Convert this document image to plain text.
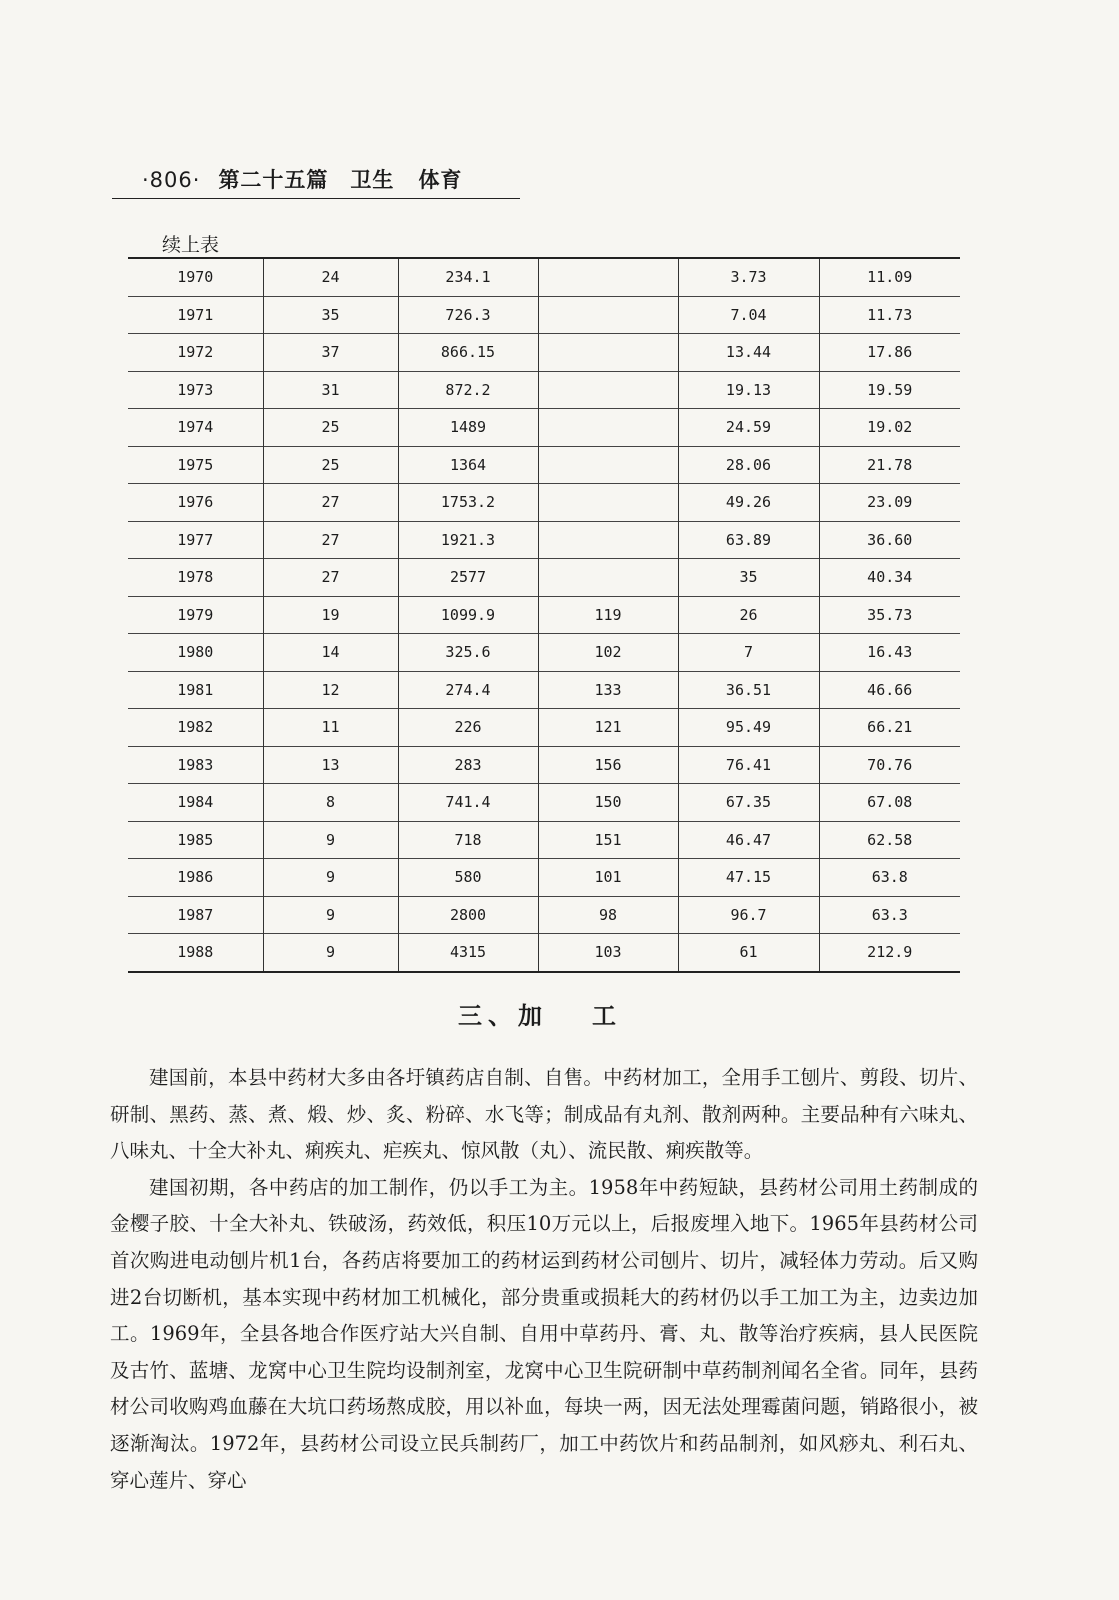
·806· 第二十五篇　卫生 体育
续上表
1970	24	234.1		3.73	11.09
1971	35	726.3		7.04	11.73
1972	37	866.15		13.44	17.86
1973	31	872.2		19.13	19.59
1974	25	1489		24.59	19.02
1975	25	1364		28.06	21.78
1976	27	1753.2		49.26	23.09
1977	27	1921.3		63.89	36.60
1978	27	2577		35	40.34
1979	19	1099.9	119	26	35.73
1980	14	325.6	102	7	16.43
1981	12	274.4	133	36.51	46.66
1982	11	226	121	95.49	66.21
1983	13	283	156	76.41	70.76
1984	8	741.4	150	67.35	67.08
1985	9	718	151	46.47	62.58
1986	9	580	101	47.15	63.8
1987	9	2800	98	96.7	63.3
1988	9	4315	103	61	212.9
三、加 工

建国前，本县中药材大多由各圩镇药店自制、自售。中药材加工，全用手工刨片、剪段、切片、研制、黑药、蒸、煮、煅、炒、炙、粉碎、水飞等；制成品有丸剂、散剂两种。主要品种有六味丸、八味丸、十全大补丸、痢疾丸、疟疾丸、惊风散（丸）、流民散、痢疾散等。

建国初期，各中药店的加工制作，仍以手工为主。1958年中药短缺，县药材公司用土药制成的金樱子胶、十全大补丸、铁破汤，药效低，积压10万元以上，后报废埋入地下。1965年县药材公司首次购进电动刨片机1台，各药店将要加工的药材运到药材公司刨片、切片，减轻体力劳动。后又购进2台切断机，基本实现中药材加工机械化，部分贵重或损耗大的药材仍以手工加工为主，边卖边加工。1969年，全县各地合作医疗站大兴自制、自用中草药丹、膏、丸、散等治疗疾病，县人民医院及古竹、蓝塘、龙窝中心卫生院均设制剂室，龙窝中心卫生院研制中草药制剂闻名全省。同年，县药材公司收购鸡血藤在大坑口药场熬成胶，用以补血，每块一两，因无法处理霉菌问题，销路很小，被逐渐淘汰。1972年，县药材公司设立民兵制药厂，加工中药饮片和药品制剂，如风痧丸、利石丸、穿心莲片、穿心
